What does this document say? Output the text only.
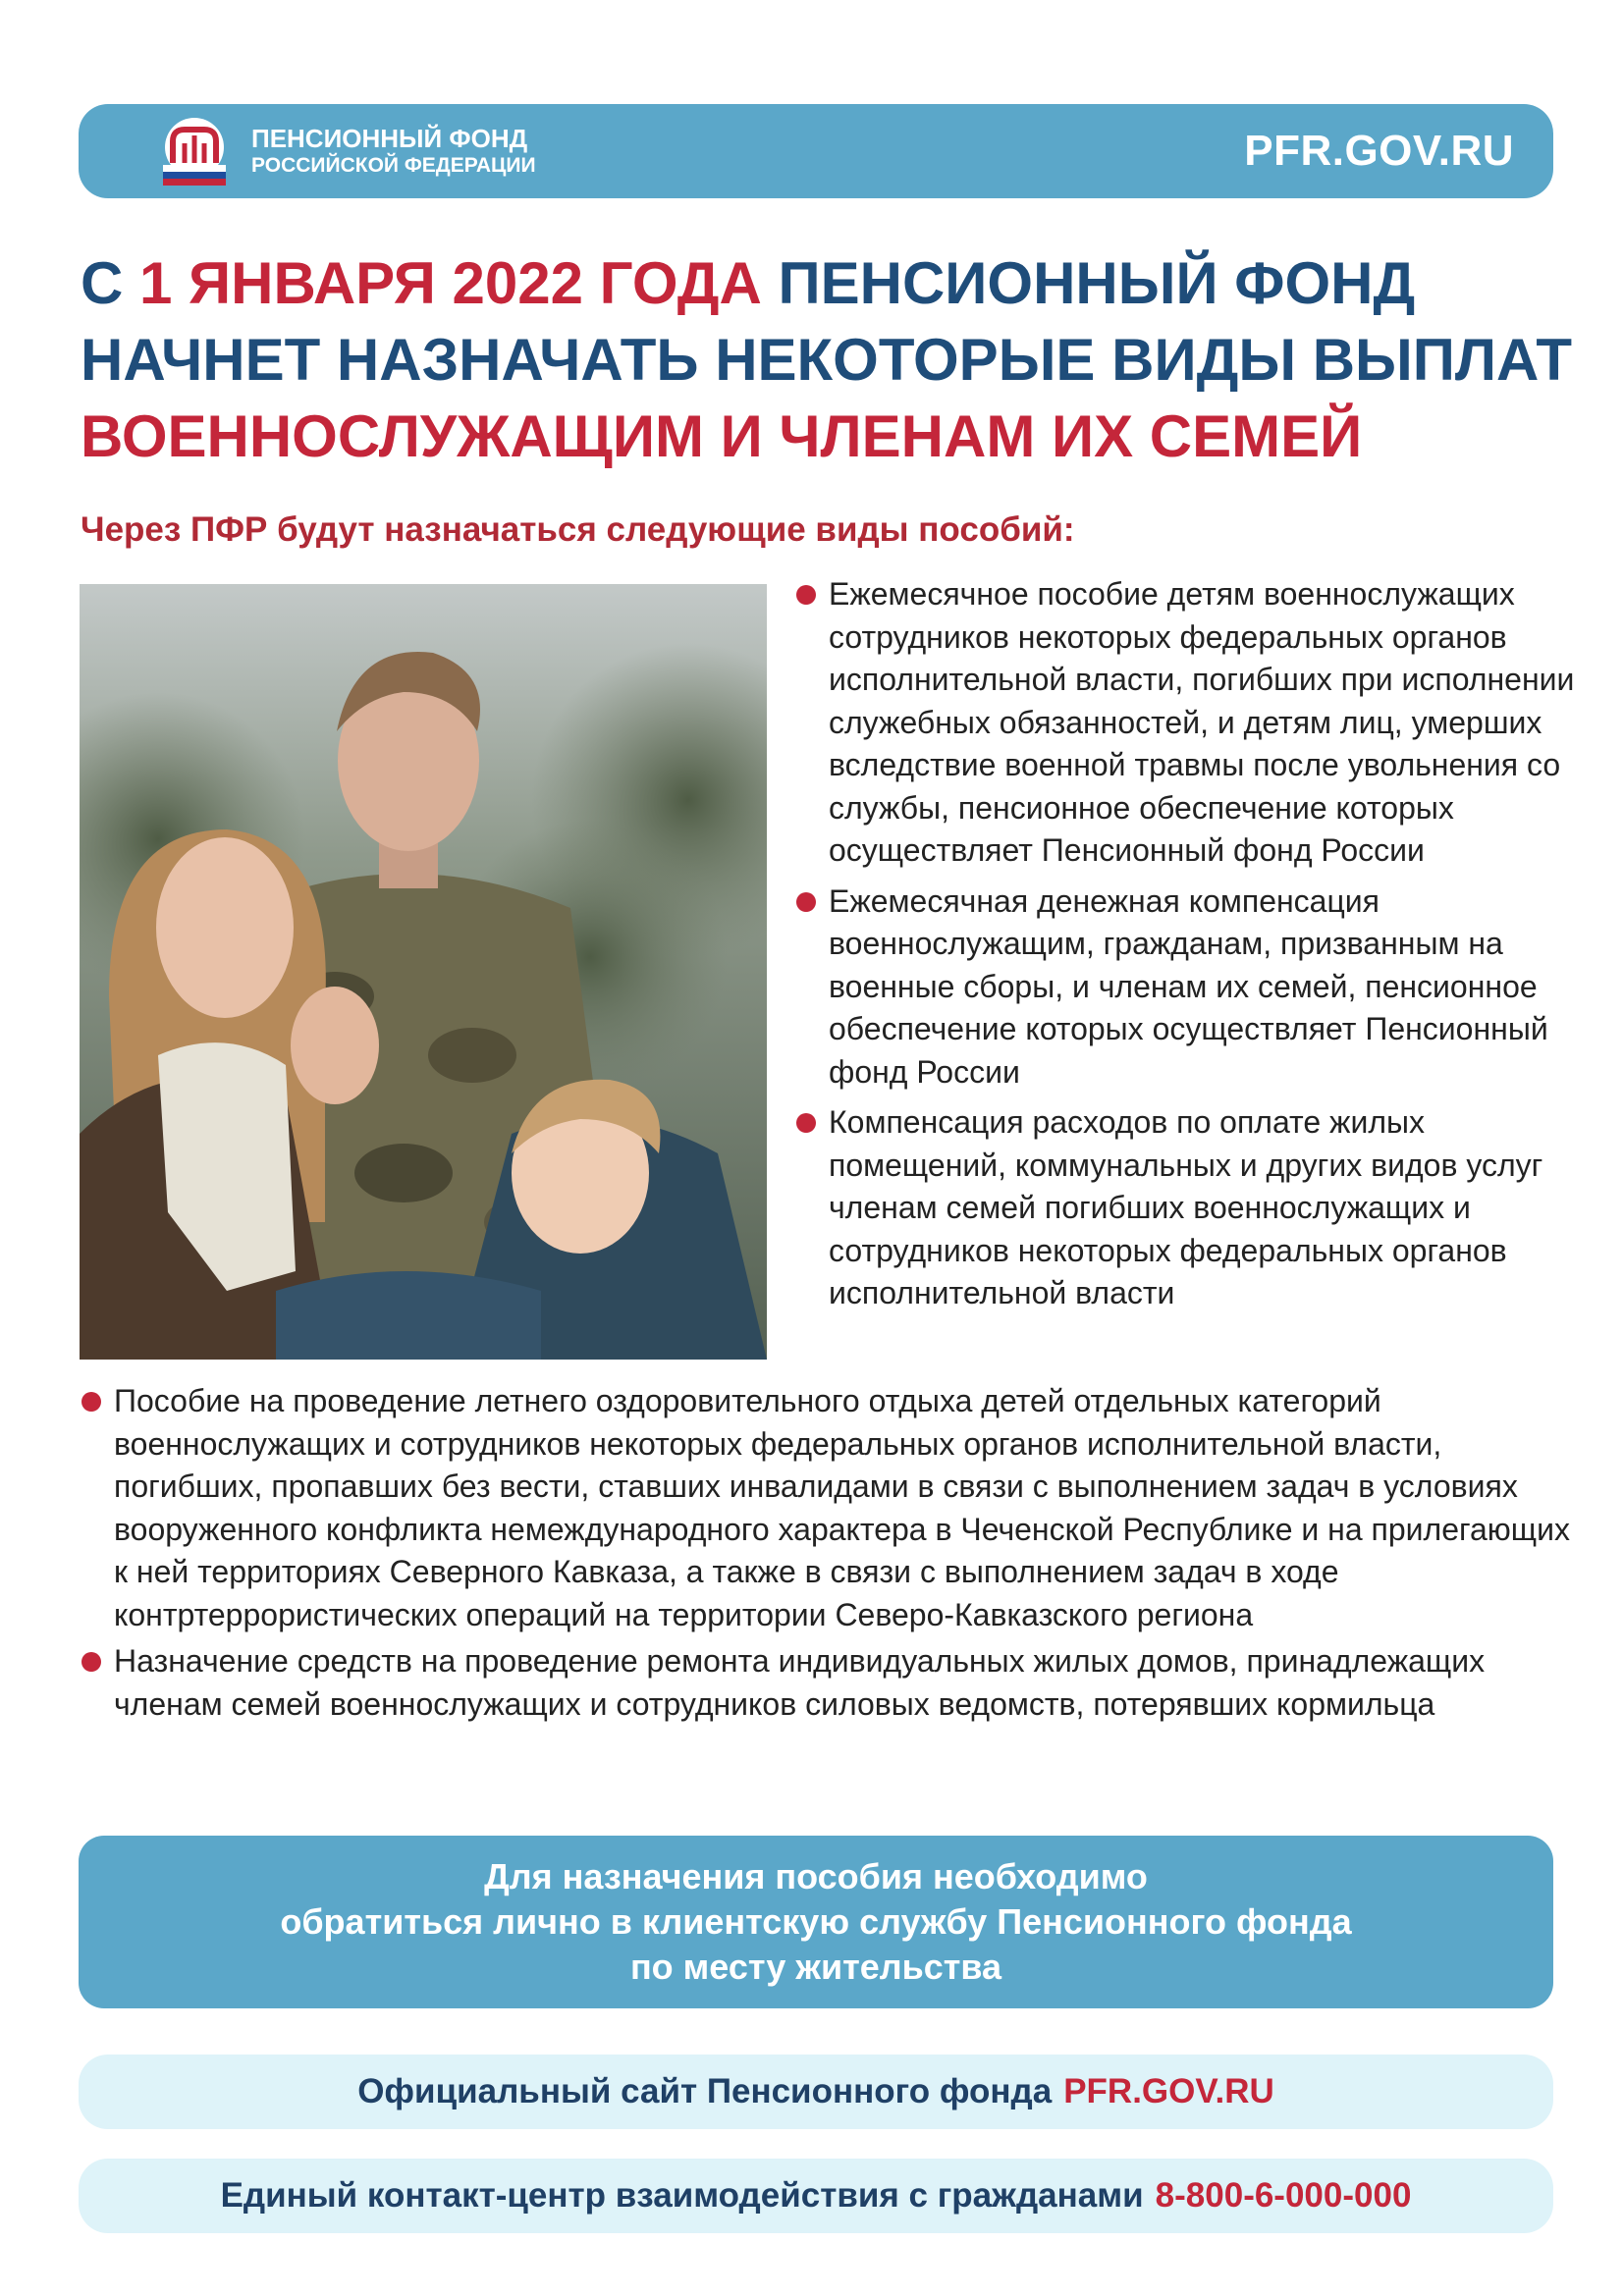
ПЕНСИОННЫЙ ФОНД
РОССИЙСКОЙ ФЕДЕРАЦИИ	PFR.GOV.RU
С 1 ЯНВАРЯ 2022 ГОДА ПЕНСИОННЫЙ ФОНД
НАЧНЕТ НАЗНАЧАТЬ НЕКОТОРЫЕ ВИДЫ ВЫПЛАТ
ВОЕННОСЛУЖАЩИМ И ЧЛЕНАМ ИХ СЕМЕЙ
Через ПФР будут назначаться следующие виды пособий:
Ежемесячное пособие детям военнослужащих сотрудников некоторых федеральных органов исполнительной власти, погибших при исполнении служебных обязанностей, и детям лиц, умерших вследствие военной травмы после увольнения со службы, пенсионное обеспечение которых осуществляет Пенсионный фонд России
Ежемесячная денежная компенсация военнослужащим, гражданам, призванным на военные сборы, и членам их семей, пенсионное обеспечение которых осуществляет Пенсионный фонд России
Компенсация расходов по оплате жилых помещений, коммунальных и других видов услуг членам семей погибших военнослужащих и сотрудников некоторых федеральных органов исполнительной власти
Пособие на проведение летнего оздоровительного отдыха детей отдельных категорий военнослужащих и сотрудников некоторых федеральных органов исполнительной власти, погибших, пропавших без вести, ставших инвалидами в связи с выполнением задач в условиях вооруженного конфликта немеждународного характера в Чеченской Республике и на прилегающих к ней территориях Северного Кавказа, а также в связи с выполнением задач в ходе контртеррористических операций на территории Северо-Кавказского региона
Назначение средств на проведение ремонта индивидуальных жилых домов, принадлежащих членам семей военнослужащих и сотрудников силовых ведомств, потерявших кормильца
Для назначения пособия необходимо
обратиться лично в клиентскую службу Пенсионного фонда
по месту жительства
Официальный сайт Пенсионного фонда PFR.GOV.RU
Единый контакт-центр взаимодействия с гражданами 8-800-6-000-000
